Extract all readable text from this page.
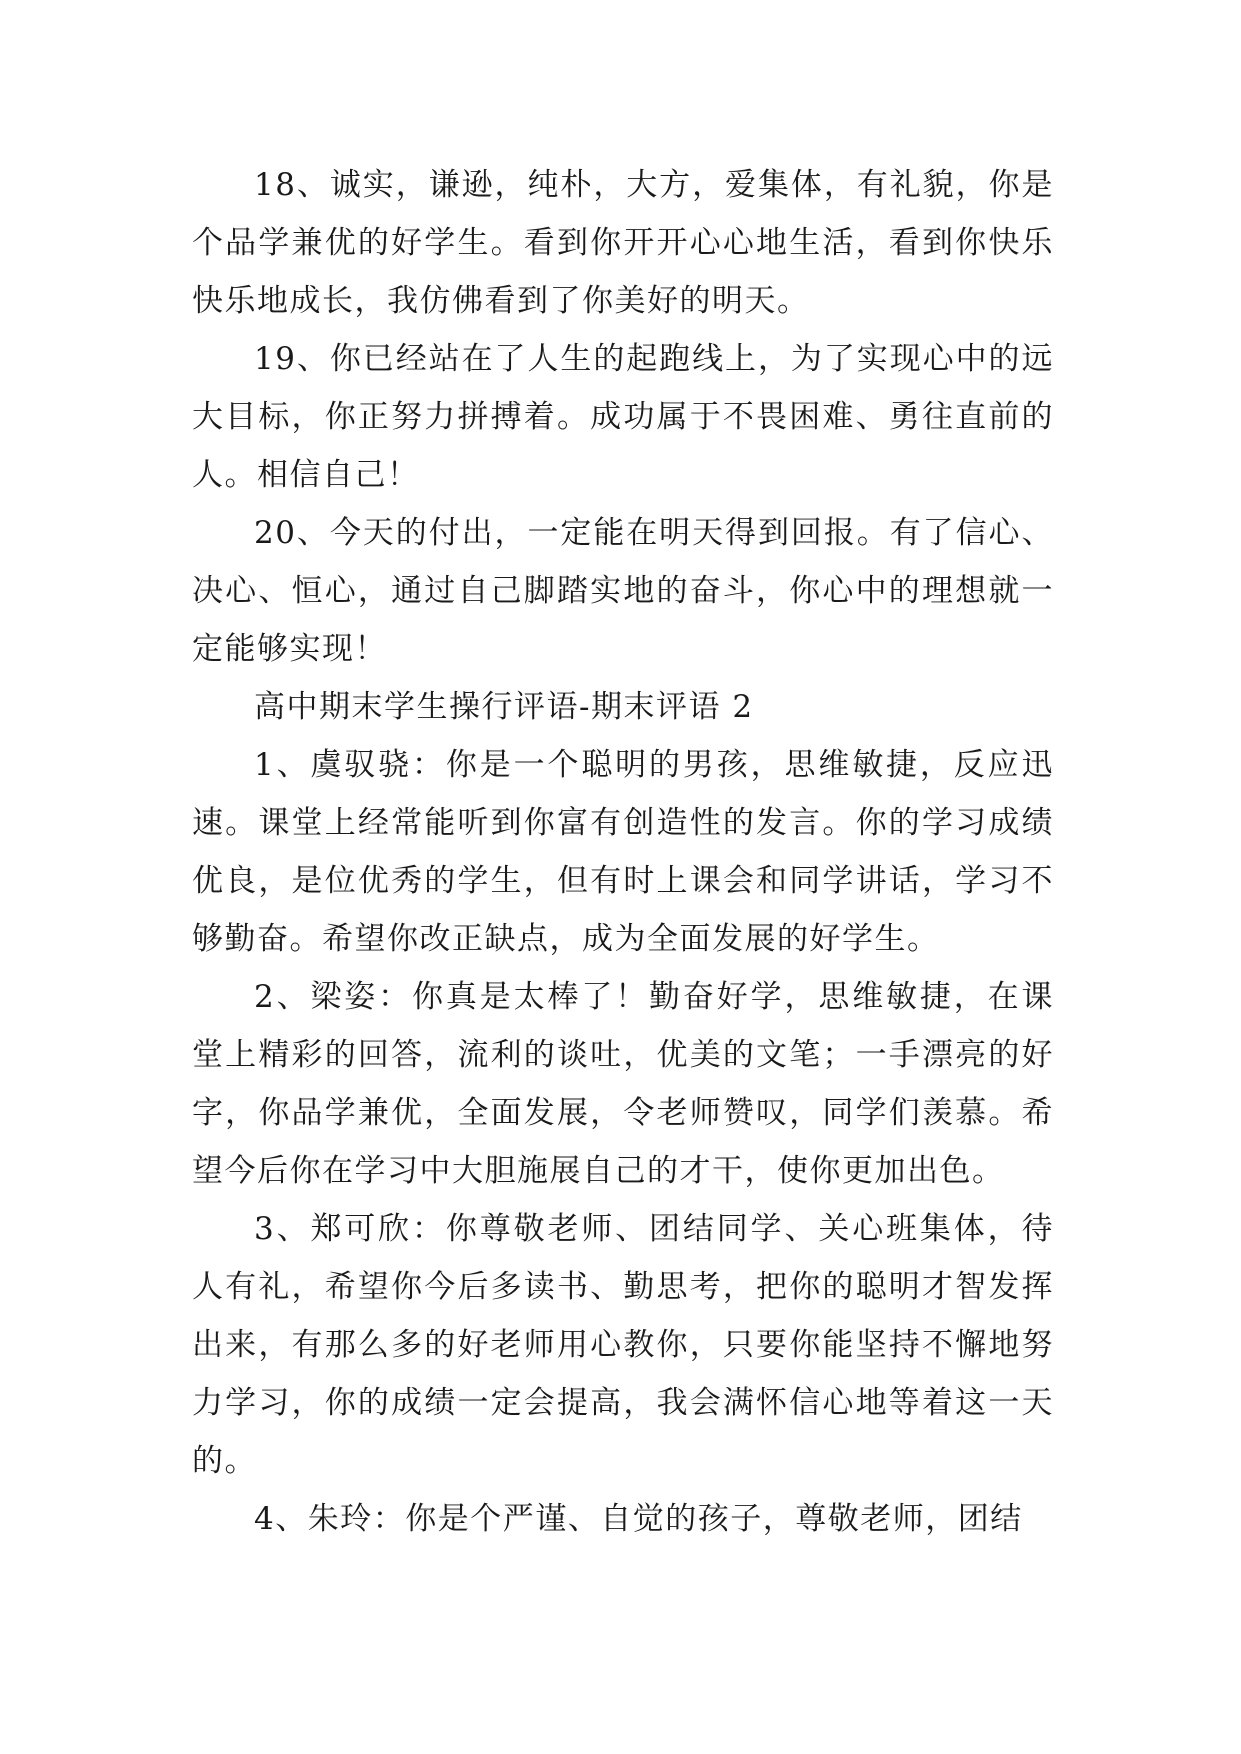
18、诚实，谦逊，纯朴，大方，爱集体，有礼貌，你是个品学兼优的好学生。看到你开开心心地生活，看到你快乐快乐地成长，我仿佛看到了你美好的明天。

19、你已经站在了人生的起跑线上，为了实现心中的远大目标，你正努力拼搏着。成功属于不畏困难、勇往直前的人。相信自己！

20、今天的付出，一定能在明天得到回报。有了信心、决心、恒心，通过自己脚踏实地的奋斗，你心中的理想就一定能够实现！

高中期末学生操行评语-期末评语 2

1、虞驭骁：你是一个聪明的男孩，思维敏捷，反应迅速。课堂上经常能听到你富有创造性的发言。你的学习成绩优良，是位优秀的学生，但有时上课会和同学讲话，学习不够勤奋。希望你改正缺点，成为全面发展的好学生。

2、梁姿：你真是太棒了！勤奋好学，思维敏捷，在课堂上精彩的回答，流利的谈吐，优美的文笔；一手漂亮的好字，你品学兼优，全面发展，令老师赞叹，同学们羡慕。希望今后你在学习中大胆施展自己的才干，使你更加出色。

3、郑可欣：你尊敬老师、团结同学、关心班集体，待人有礼，希望你今后多读书、勤思考，把你的聪明才智发挥出来，有那么多的好老师用心教你，只要你能坚持不懈地努力学习，你的成绩一定会提高，我会满怀信心地等着这一天的。

4、朱玲：你是个严谨、自觉的孩子，尊敬老师，团结
